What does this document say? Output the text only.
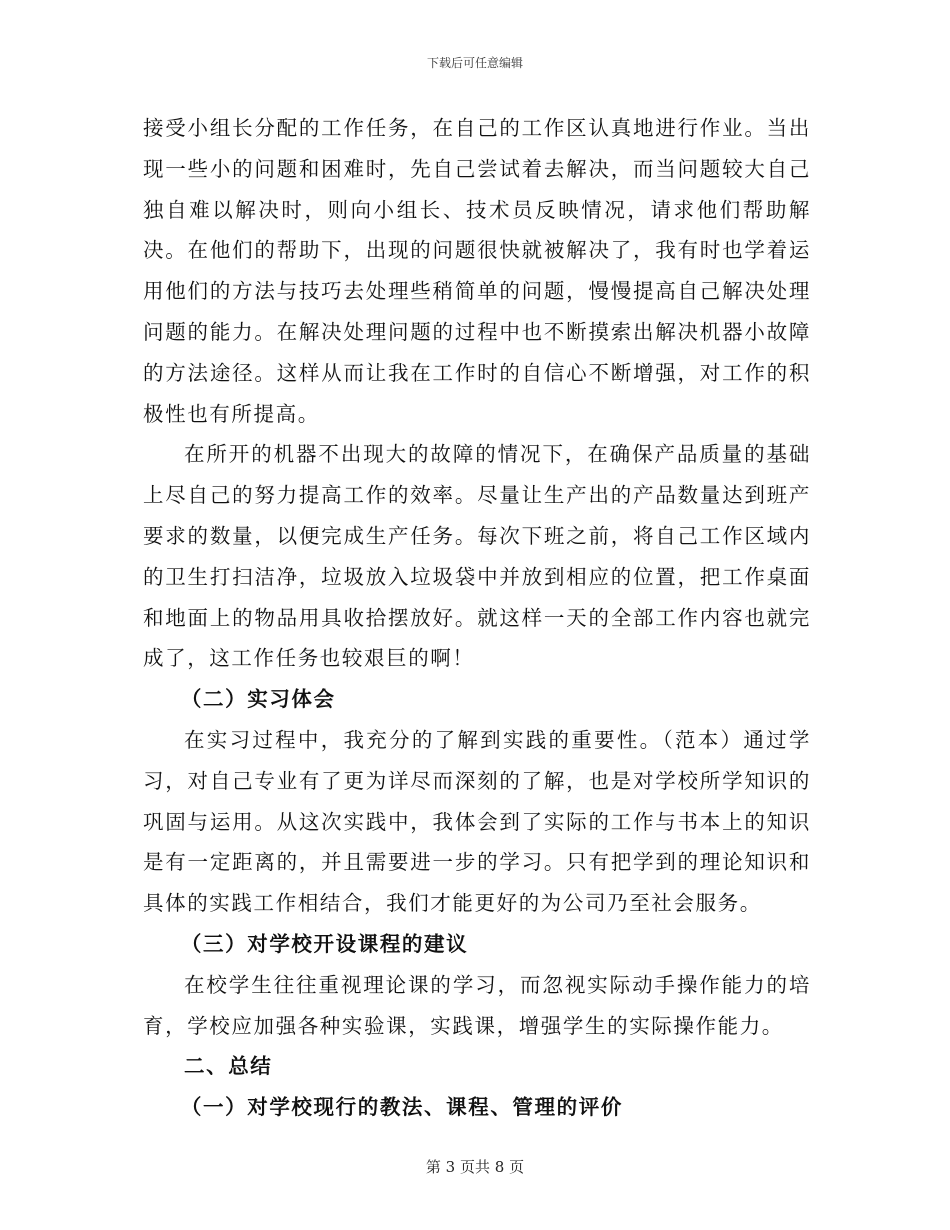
下载后可任意编辑

接受小组长分配的工作任务，在自己的工作区认真地进行作业。当出现一些小的问题和困难时，先自己尝试着去解决，而当问题较大自己独自难以解决时，则向小组长、技术员反映情况，请求他们帮助解决。在他们的帮助下，出现的问题很快就被解决了，我有时也学着运用他们的方法与技巧去处理些稍简单的问题，慢慢提高自己解决处理问题的能力。在解决处理问题的过程中也不断摸索出解决机器小故障的方法途径。这样从而让我在工作时的自信心不断增强，对工作的积极性也有所提高。

在所开的机器不出现大的故障的情况下，在确保产品质量的基础上尽自己的努力提高工作的效率。尽量让生产出的产品数量达到班产要求的数量，以便完成生产任务。每次下班之前，将自己工作区域内的卫生打扫洁净，垃圾放入垃圾袋中并放到相应的位置，把工作桌面和地面上的物品用具收拾摆放好。就这样一天的全部工作内容也就完成了，这工作任务也较艰巨的啊！

（二）实习体会

在实习过程中，我充分的了解到实践的重要性。（范本）通过学习，对自己专业有了更为详尽而深刻的了解，也是对学校所学知识的巩固与运用。从这次实践中，我体会到了实际的工作与书本上的知识是有一定距离的，并且需要进一步的学习。只有把学到的理论知识和具体的实践工作相结合，我们才能更好的为公司乃至社会服务。

（三）对学校开设课程的建议

在校学生往往重视理论课的学习，而忽视实际动手操作能力的培育，学校应加强各种实验课，实践课，增强学生的实际操作能力。

二、总结

（一）对学校现行的教法、课程、管理的评价

第 3 页共 8 页
